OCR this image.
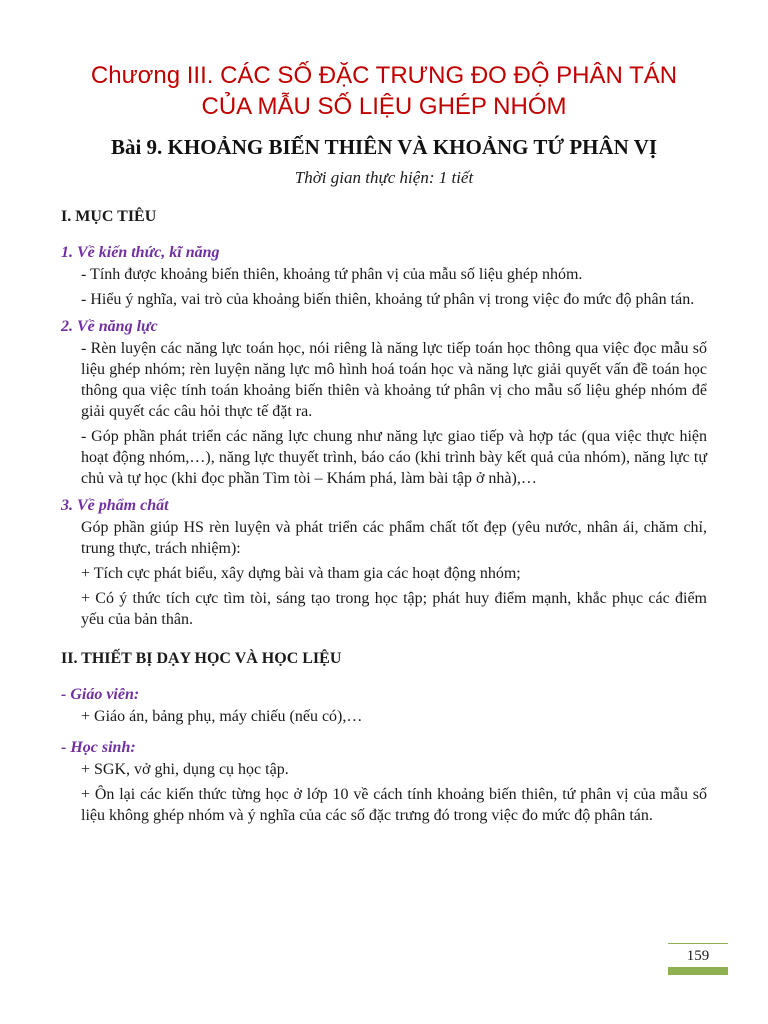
Chương III. CÁC SỐ ĐẶC TRƯNG ĐO ĐỘ PHÂN TÁN
CỦA MẪU SỐ LIỆU GHÉP NHÓM
Bài 9. KHOẢNG BIẾN THIÊN VÀ KHOẢNG TỨ PHÂN VỊ

Thời gian thực hiện: 1 tiết

I. MỤC TIÊU

1. Về kiến thức, kĩ năng

- Tính được khoảng biến thiên, khoảng tứ phân vị của mẫu số liệu ghép nhóm.

- Hiểu ý nghĩa, vai trò của khoảng biến thiên, khoảng tứ phân vị trong việc đo mức độ phân tán.

2. Về năng lực

- Rèn luyện các năng lực toán học, nói riêng là năng lực tiếp toán học thông qua việc đọc mẫu số liệu ghép nhóm; rèn luyện năng lực mô hình hoá toán học và năng lực giải quyết vấn đề toán học thông qua việc tính toán khoảng biến thiên và khoảng tứ phân vị cho mẫu số liệu ghép nhóm để giải quyết các câu hỏi thực tế đặt ra.

- Góp phần phát triển các năng lực chung như năng lực giao tiếp và hợp tác (qua việc thực hiện hoạt động nhóm,…), năng lực thuyết trình, báo cáo (khi trình bày kết quả của nhóm), năng lực tự chủ và tự học (khi đọc phần Tìm tòi – Khám phá, làm bài tập ở nhà),…

3. Về phẩm chất

Góp phần giúp HS rèn luyện và phát triển các phẩm chất tốt đẹp (yêu nước, nhân ái, chăm chỉ, trung thực, trách nhiệm):

+ Tích cực phát biểu, xây dựng bài và tham gia các hoạt động nhóm;

+ Có ý thức tích cực tìm tòi, sáng tạo trong học tập; phát huy điểm mạnh, khắc phục các điểm yếu của bản thân.

II. THIẾT BỊ DẠY HỌC VÀ HỌC LIỆU

- Giáo viên:

+ Giáo án, bảng phụ, máy chiếu (nếu có),…

- Học sinh:

+ SGK, vở ghi, dụng cụ học tập.

+ Ôn lại các kiến thức từng học ở lớp 10 về cách tính khoảng biến thiên, tứ phân vị của mẫu số liệu không ghép nhóm và ý nghĩa của các số đặc trưng đó trong việc đo mức độ phân tán.

159
